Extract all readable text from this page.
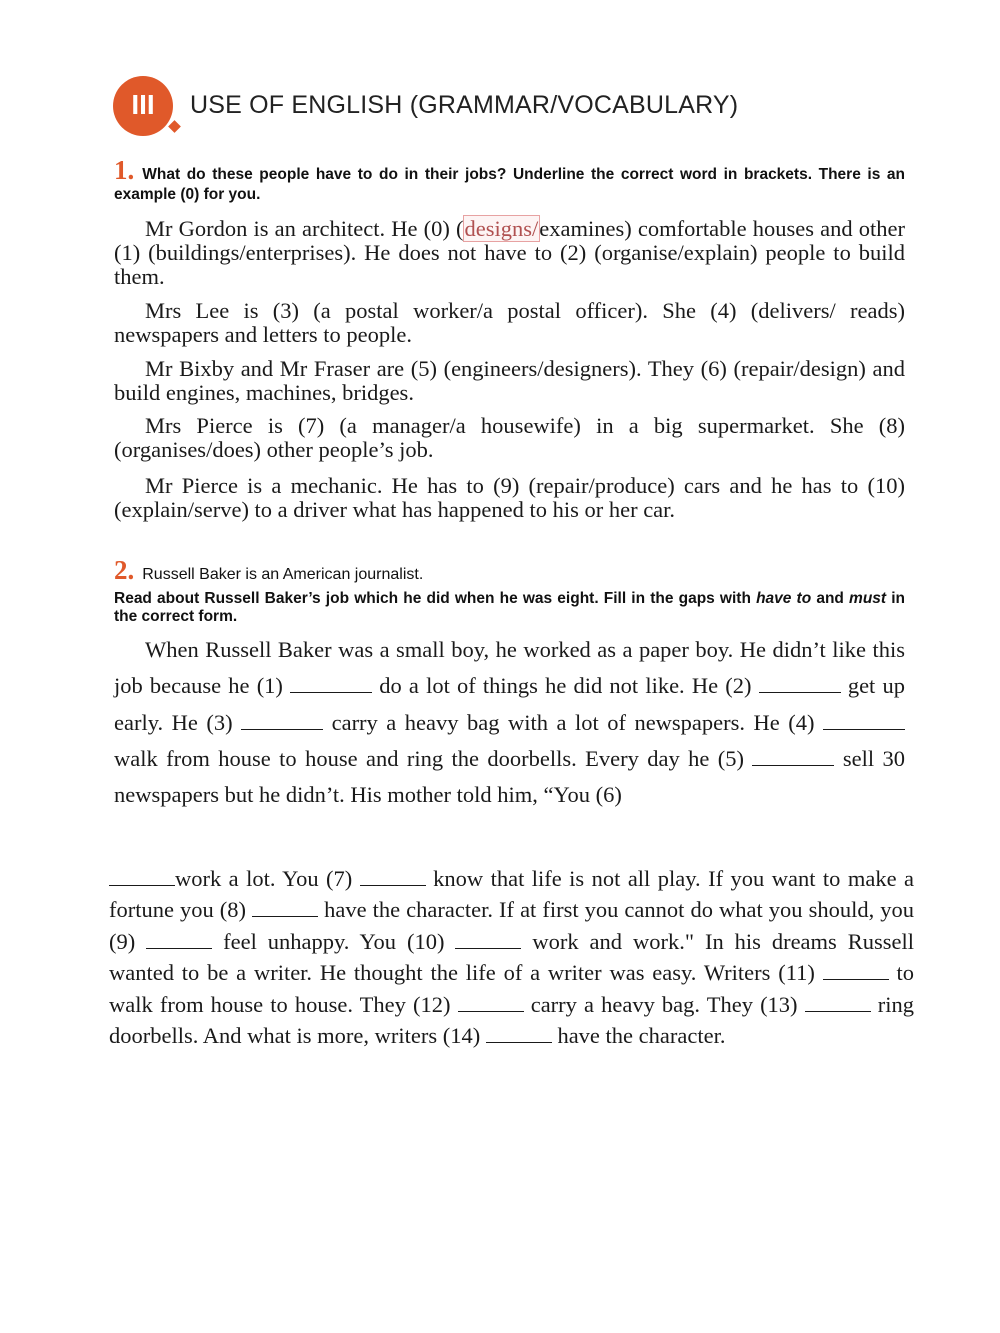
III	USE OF ENGLISH (GRAMMAR/VOCABULARY)
1. What do these people have to do in their jobs? Underline the correct word in brackets. There is an example (0) for you.
Mr Gordon is an architect. He (0) (designs/examines) comfortable houses and other (1) (buildings/enterprises). He does not have to (2) (organise/explain) people to build them.
Mrs Lee is (3) (a postal worker/a postal officer). She (4) (delivers/ reads) newspapers and letters to people.
Mr Bixby and Mr Fraser are (5) (engineers/designers). They (6) (repair/design) and build engines, machines, bridges.
Mrs Pierce is (7) (a manager/a housewife) in a big supermarket. She (8) (organises/does) other people’s job.
Mr Pierce is a mechanic. He has to (9) (repair/produce) cars and he has to (10) (explain/serve) to a driver what has happened to his or her car.
2. Russell Baker is an American journalist.
Read about Russell Baker’s job which he did when he was eight. Fill in the gaps with have to and must in the correct form.
When Russell Baker was a small boy, he worked as a paper boy. He didn’t like this job because he (1)	do a lot of things he did not like. He (2)	get up early. He (3)	carry a heavy bag with a lot of newspapers. He (4)  walk from house to house and ring the doorbells. Every day he (5)	sell 30 newspapers but he didn’t. His mother told him, “You (6)
work a lot. You (7)	know that life is not all play. If you want to make a fortune you (8)	have the character. If at first you cannot do what you should, you (9)	feel unhappy. You (10)	work and work." In his dreams Russell wanted to be a writer. He thought the life of a writer was easy. Writers (11)	to walk from house to house. They (12)	carry a heavy bag. They (13)	ring doorbells. And what is more, writers (14)	have the character.
